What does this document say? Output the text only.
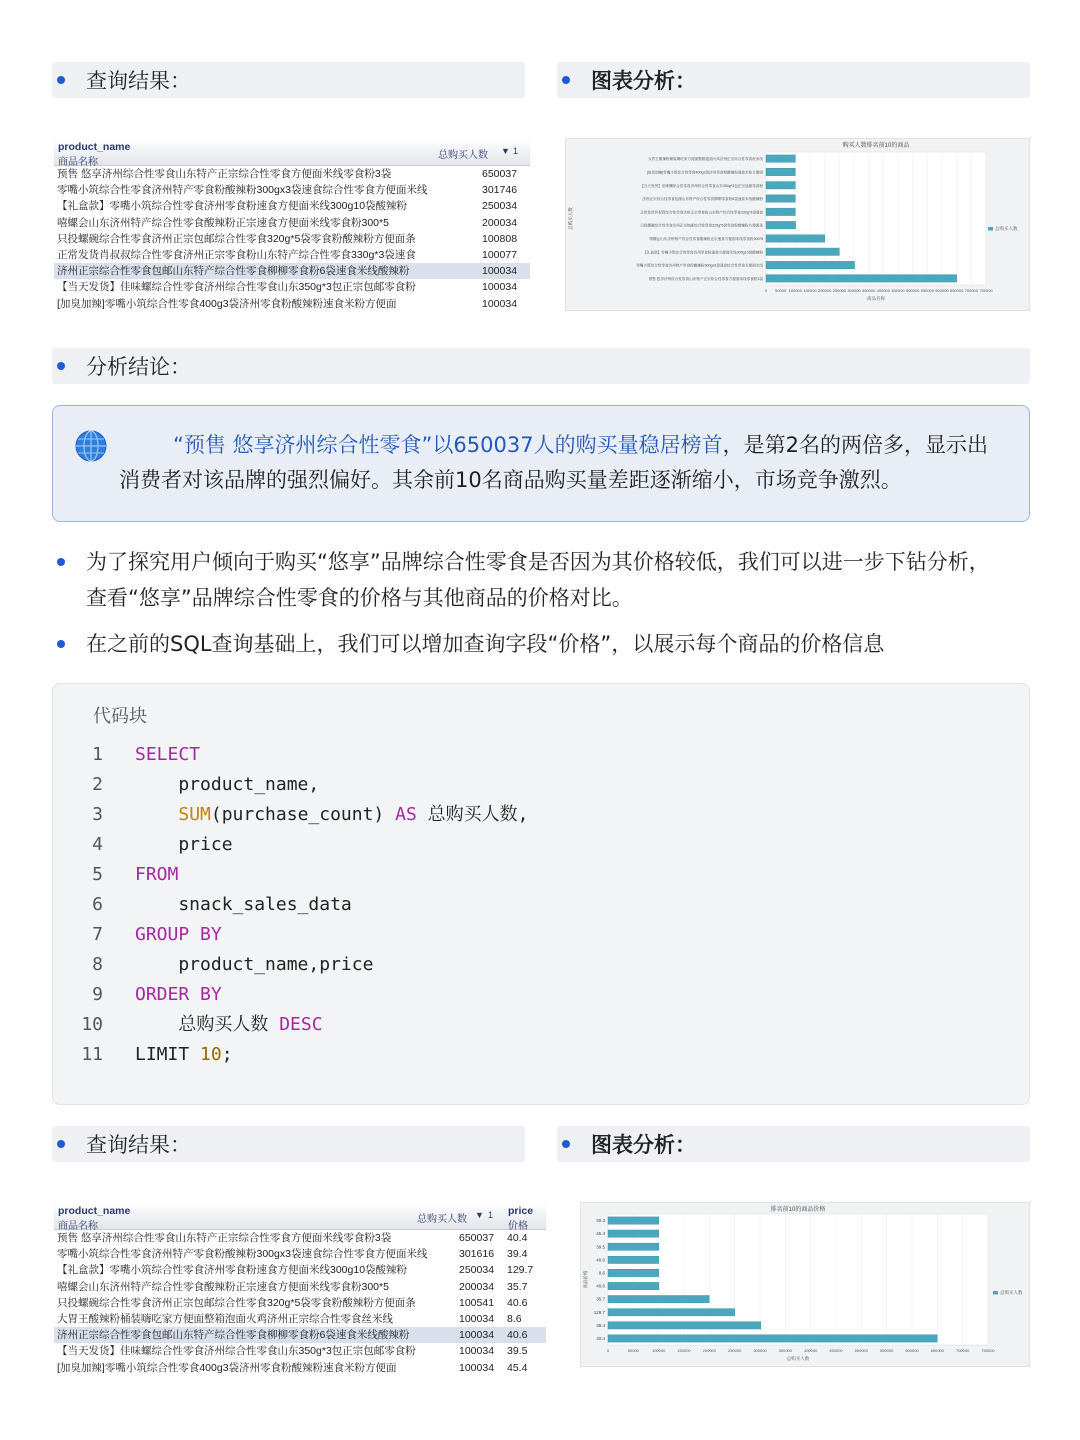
查询结果：	图表分析：
product_name
商品名称
总购买人数 ▼ 1
预售 悠享济州综合性零食山东特产正宗综合性零食方便面米线零食粉3袋	650037
零嘴小筑综合性零食济州特产零食粉酸辣粉300gx3袋速食综合性零食方便面米线	301746
【礼盒款】零嘴小筑综合性零食济州零食粉速食方便面米线300g10袋酸辣粉	250034
嘻螺会山东济州特产综合性零食酸辣粉正宗速食方便面米线零食粉300*5	200034
只投螺碗综合性零食济州正宗包邮综合性零食320g*5袋零食粉酸辣粉方便面条	100808
正常发货肖叔叔综合性零食济州正宗零食粉山东特产综合性零食330g*3袋速食	100077
济州正宗综合性零食包邮山东特产综合性零食柳柳零食粉6袋速食米线酸辣粉	100034
【当天发货】佳味螺综合性零食济州综合性零食山东350g*3包正宗包邮零食粉	100034
[加臭加辣]零嘴小筑综合性零食400g3袋济州零食粉酸辣粉速食米粉方便面	100034
购买人数排名前10的商品
0 50000 100000 150000 200000 250000 300000 350000 400000 450000 500000 550000 600000 650000 700000 750000
大胃王酸辣粉桶装嗨吃家方便面整箱泡面火鸡济州正宗综合性零食丝米线
[加臭加辣]零嘴小筑综合性零食400g3袋济州零食粉酸辣粉速食米粉方便面
【当天发货】佳味螺综合性零食济州综合性零食山东350g*3包正宗包邮零食粉
济州正宗综合性零食包邮山东特产综合性零食柳柳零食粉6袋速食米线酸辣粉
正常发货肖叔叔综合性零食济州正宗零食粉山东特产综合性零食330g*3袋速食
只投螺碗综合性零食济州正宗包邮综合性零食320g*5袋零食粉酸辣粉方便面条
嘻螺会山东济州特产综合性零食酸辣粉正宗速食方便面米线零食粉300*5
【礼盒款】零嘴小筑综合性零食济州零食粉速食方便面米线300g10袋酸辣粉
零嘴小筑综合性零食济州特产零食粉酸辣粉300gx3袋速食综合性零食方便面米线
预售 悠享济州综合性零食山东特产正宗综合性零食方便面米线零食粉3袋
商品名称
总购买人数	总购买人数
分析结论：

“预售 悠享济州综合性零食”以650037人的购买量稳居榜首，是第2名的两倍多，显示出消费者对该品牌的强烈偏好。其余前10名商品购买量差距逐渐缩小，市场竞争激烈。

为了探究用户倾向于购买“悠享”品牌综合性零食是否因为其价格较低，我们可以进一步下钻分析，查看“悠享”品牌综合性零食的价格与其他商品的价格对比。
在之前的SQL查询基础上，我们可以增加查询字段“价格”，以展示每个商品的价格信息
代码块
1 SELECT
2 product_name,
3	SUM(purchase_count) AS 总购买人数,
4 price
5 FROM
6 snack_sales_data
7 GROUP BY
8 product_name,price
9 ORDER BY
10 总购买人数 DESC
11 LIMIT 10;
查询结果：	图表分析：
product_name
商品名称
总购买人数 ▼ 1 price
价格
预售 悠享济州综合性零食山东特产正宗综合性零食方便面米线零食粉3袋	650037 40.4
零嘴小筑综合性零食济州特产零食粉酸辣粉300gx3袋速食综合性零食方便面米线	301616 39.4
【礼盒款】零嘴小筑综合性零食济州零食粉速食方便面米线300g10袋酸辣粉	250034 129.7
嘻螺会山东济州特产综合性零食酸辣粉正宗速食方便面米线零食粉300*5	200034 35.7
只投螺碗综合性零食济州正宗包邮综合性零食320g*5袋零食粉酸辣粉方便面条	100541 40.6
大胃王酸辣粉桶装嗨吃家方便面整箱泡面火鸡济州正宗综合性零食丝米线	100034 8.6
济州正宗综合性零食包邮山东特产综合性零食柳柳零食粉6袋速食米线酸辣粉	100034 40.6
【当天发货】佳味螺综合性零食济州综合性零食山东350g*3包正宗包邮零食粉	100034 39.5
[加臭加辣]零嘴小筑综合性零食400g3袋济州零食粉酸辣粉速食米粉方便面	100034 45.4
排名前10的商品价格
0	50000	100000	150000	200000	250000	300000	350000	400000	450000	500000	550000	600000	650000	700000	750000
30.3
45.4
39.5
40.6
8.6
40.6
35.7
129.7
39.4
40.4
总购买人数
商品价格
总购买人数
